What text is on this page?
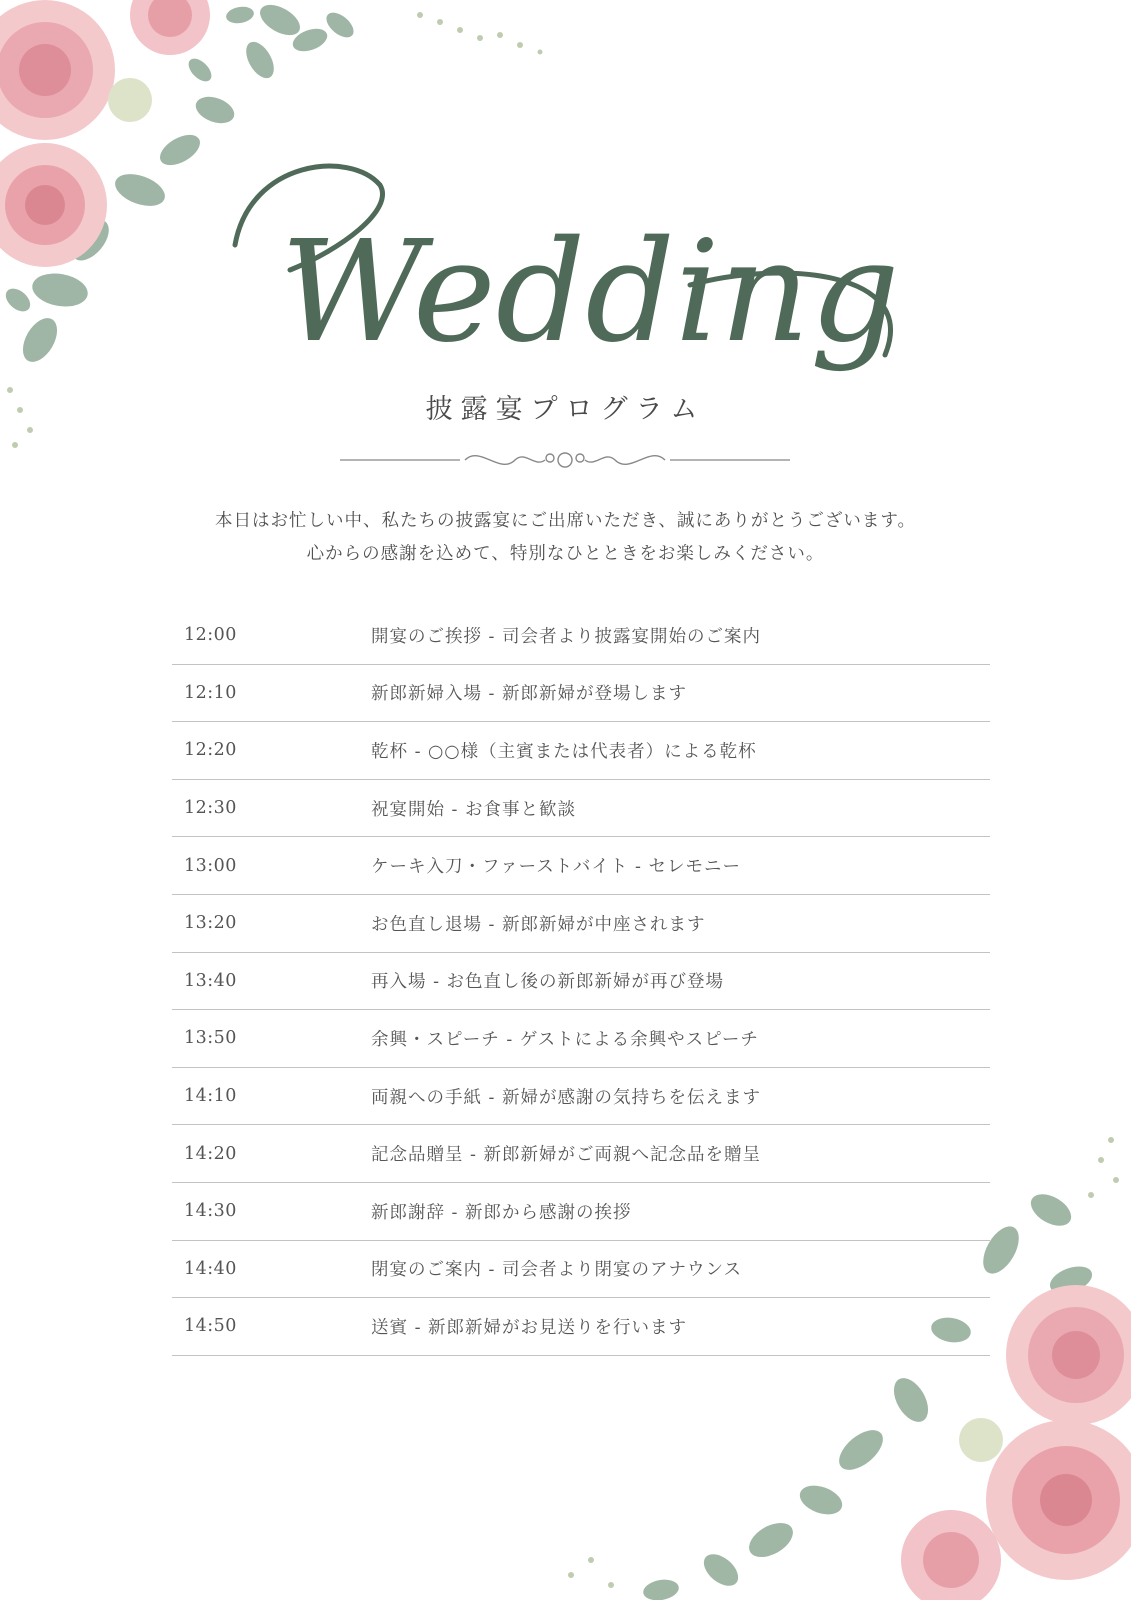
Wedding
披露宴プログラム
本日はお忙しい中、私たちの披露宴にご出席いただき、誠にありがとうございます。
心からの感謝を込めて、特別なひとときをお楽しみください。
12:00	開宴のご挨拶 - 司会者より披露宴開始のご案内
12:10	新郎新婦入場 - 新郎新婦が登場します
12:20	乾杯 - ○○様（主賓または代表者）による乾杯
12:30	祝宴開始 - お食事と歓談
13:00	ケーキ入刀・ファーストバイト - セレモニー
13:20	お色直し退場 - 新郎新婦が中座されます
13:40	再入場 - お色直し後の新郎新婦が再び登場
13:50	余興・スピーチ - ゲストによる余興やスピーチ
14:10	両親への手紙 - 新婦が感謝の気持ちを伝えます
14:20	記念品贈呈 - 新郎新婦がご両親へ記念品を贈呈
14:30	新郎謝辞 - 新郎から感謝の挨拶
14:40	閉宴のご案内 - 司会者より閉宴のアナウンス
14:50	送賓 - 新郎新婦がお見送りを行います
